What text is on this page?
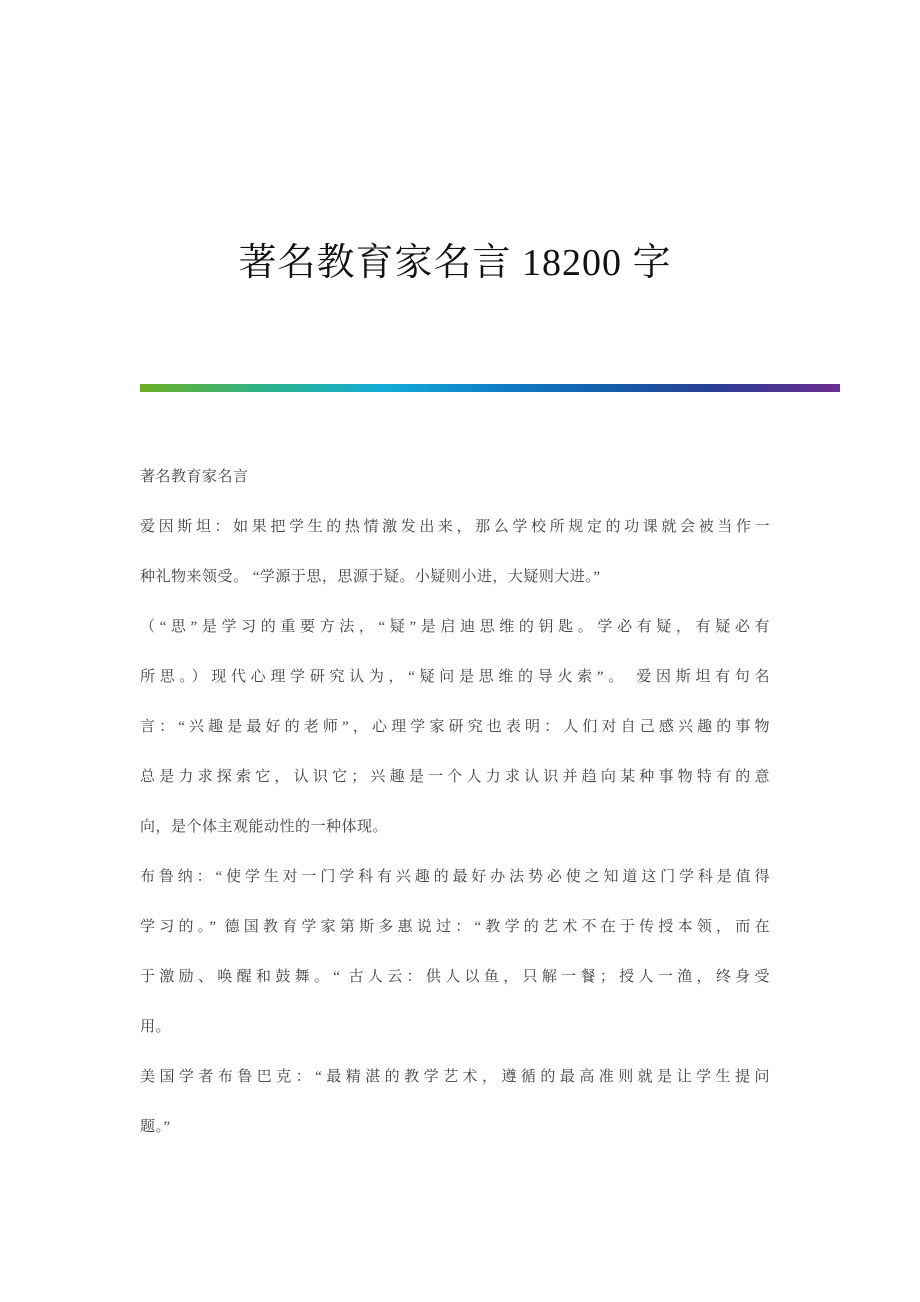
著名教育家名言 18200 字
著名教育家名言
爱因斯坦：如果把学生的热情激发出来，那么学校所规定的功课就会被当作一
种礼物来领受。 “学源于思，思源于疑。小疑则小进，大疑则大进。”
（“思”是学习的重要方法，“疑”是启迪思维的钥匙。学必有疑，有疑必有
所思。）现代心理学研究认为，“疑问是思维的导火索”。 爱因斯坦有句名
言：“兴趣是最好的老师”，心理学家研究也表明：人们对自己感兴趣的事物
总是力求探索它，认识它；兴趣是一个人力求认识并趋向某种事物特有的意
向，是个体主观能动性的一种体现。
布鲁纳：“使学生对一门学科有兴趣的最好办法势必使之知道这门学科是值得
学习的。” 德国教育学家第斯多惠说过：“教学的艺术不在于传授本领，而在
于激励、唤醒和鼓舞。“ 古人云：供人以鱼，只解一餐；授人一渔，终身受
用。
美国学者布鲁巴克：“最精湛的教学艺术，遵循的最高准则就是让学生提问
题。”
